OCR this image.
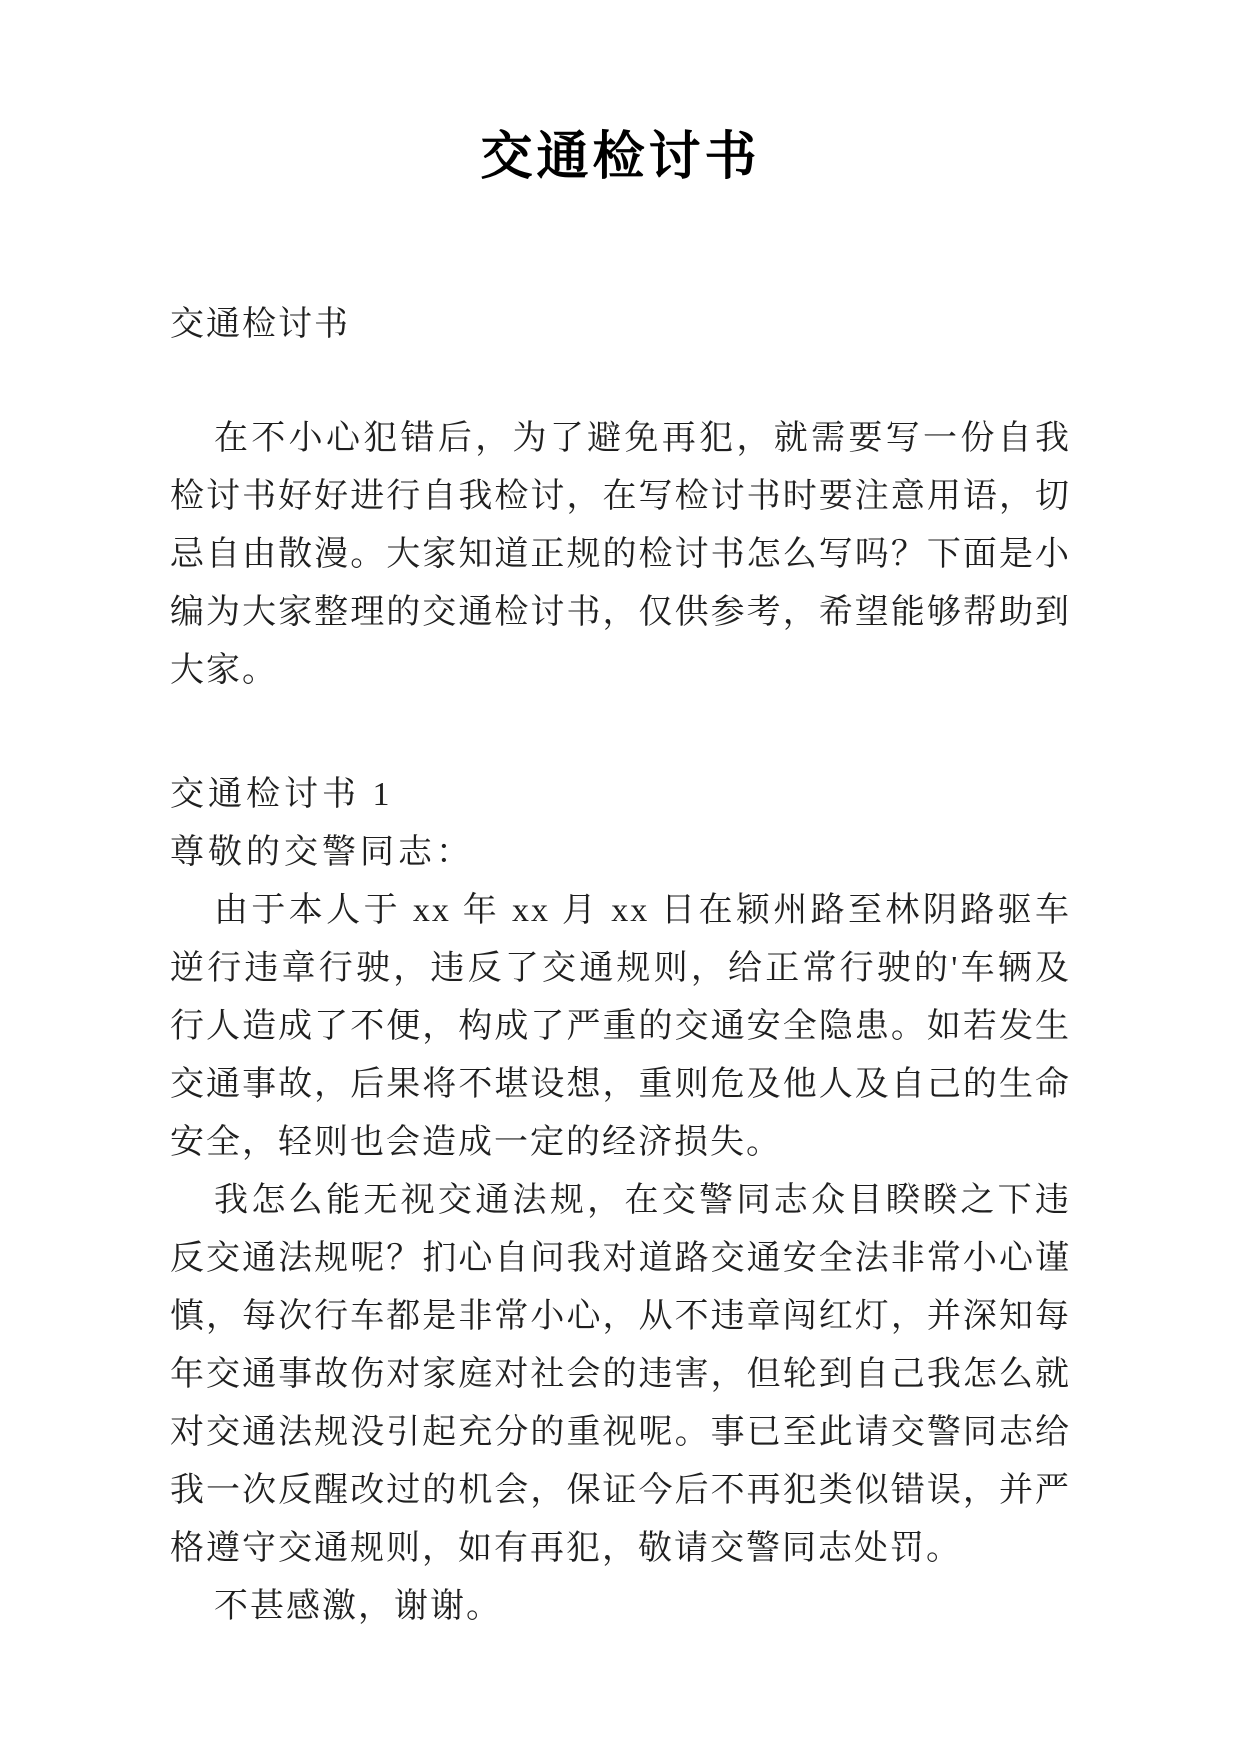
交通检讨书
交通检讨书

在不小心犯错后，为了避免再犯，就需要写一份自我检讨书好好进行自我检讨，在写检讨书时要注意用语，切忌自由散漫。大家知道正规的检讨书怎么写吗？下面是小编为大家整理的交通检讨书，仅供参考，希望能够帮助到大家。

交通检讨书 1
尊敬的交警同志：

由于本人于 xx 年 xx 月 xx 日在颍州路至林阴路驱车逆行违章行驶，违反了交通规则，给正常行驶的'车辆及行人造成了不便，构成了严重的交通安全隐患。如若发生交通事故，后果将不堪设想，重则危及他人及自己的生命安全，轻则也会造成一定的经济损失。

我怎么能无视交通法规，在交警同志众目睽睽之下违反交通法规呢？扪心自问我对道路交通安全法非常小心谨慎，每次行车都是非常小心，从不违章闯红灯，并深知每年交通事故伤对家庭对社会的违害，但轮到自己我怎么就对交通法规没引起充分的重视呢。事已至此请交警同志给我一次反醒改过的机会，保证今后不再犯类似错误，并严格遵守交通规则，如有再犯，敬请交警同志处罚。

不甚感激，谢谢。
